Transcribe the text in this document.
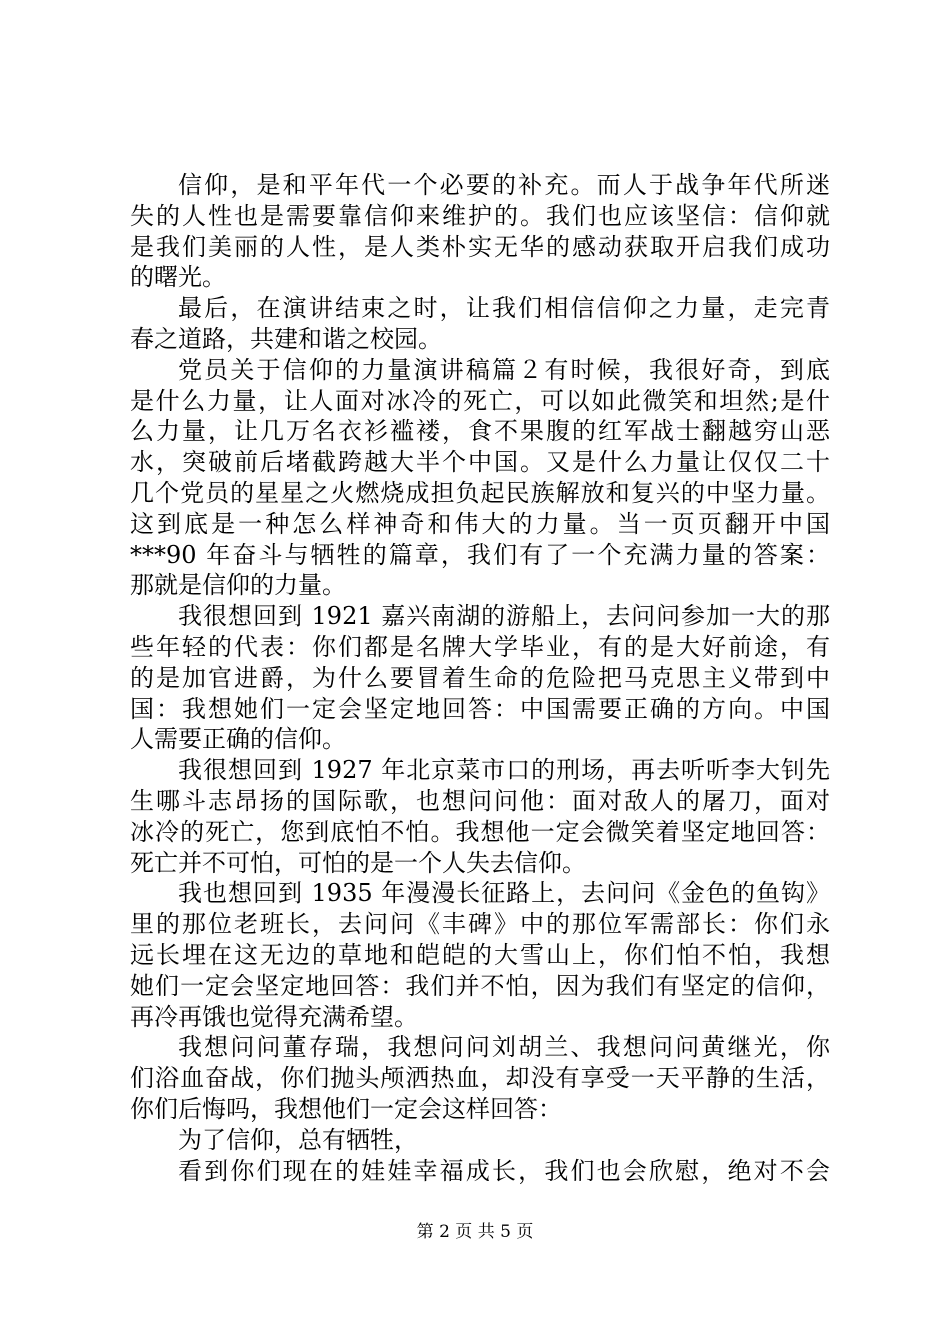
信仰，是和平年代一个必要的补充。而人于战争年代所迷
失的人性也是需要靠信仰来维护的。我们也应该坚信：信仰就
是我们美丽的人性，是人类朴实无华的感动获取开启我们成功
的曙光。
最后，在演讲结束之时，让我们相信信仰之力量，走完青
春之道路，共建和谐之校园。
党员关于信仰的力量演讲稿篇２有时候，我很好奇，到底
是什么力量，让人面对冰冷的死亡，可以如此微笑和坦然;是什
么力量，让几万名衣衫褴褛，食不果腹的红军战士翻越穷山恶
水，突破前后堵截跨越大半个中国。又是什么力量让仅仅二十
几个党员的星星之火燃烧成担负起民族解放和复兴的中坚力量。
这到底是一种怎么样神奇和伟大的力量。当一页页翻开中国
***90 年奋斗与牺牲的篇章，我们有了一个充满力量的答案：
那就是信仰的力量。
我很想回到 1921 嘉兴南湖的游船上，去问问参加一大的那
些年轻的代表：你们都是名牌大学毕业，有的是大好前途，有
的是加官进爵，为什么要冒着生命的危险把马克思主义带到中
国：我想她们一定会坚定地回答：中国需要正确的方向。中国
人需要正确的信仰。
我很想回到 1927 年北京菜市口的刑场，再去听听李大钊先
生哪斗志昂扬的国际歌，也想问问他：面对敌人的屠刀，面对
冰冷的死亡，您到底怕不怕。我想他一定会微笑着坚定地回答：
死亡并不可怕，可怕的是一个人失去信仰。
我也想回到 1935 年漫漫长征路上，去问问《金色的鱼钩》
里的那位老班长，去问问《丰碑》中的那位军需部长：你们永
远长埋在这无边的草地和皑皑的大雪山上，你们怕不怕，我想
她们一定会坚定地回答：我们并不怕，因为我们有坚定的信仰，
再冷再饿也觉得充满希望。
我想问问董存瑞，我想问问刘胡兰、我想问问黄继光，你
们浴血奋战，你们抛头颅洒热血，却没有享受一天平静的生活，
你们后悔吗，我想他们一定会这样回答：
为了信仰，总有牺牲，
看到你们现在的娃娃幸福成长，我们也会欣慰，绝对不会
第 2 页 共 5 页
